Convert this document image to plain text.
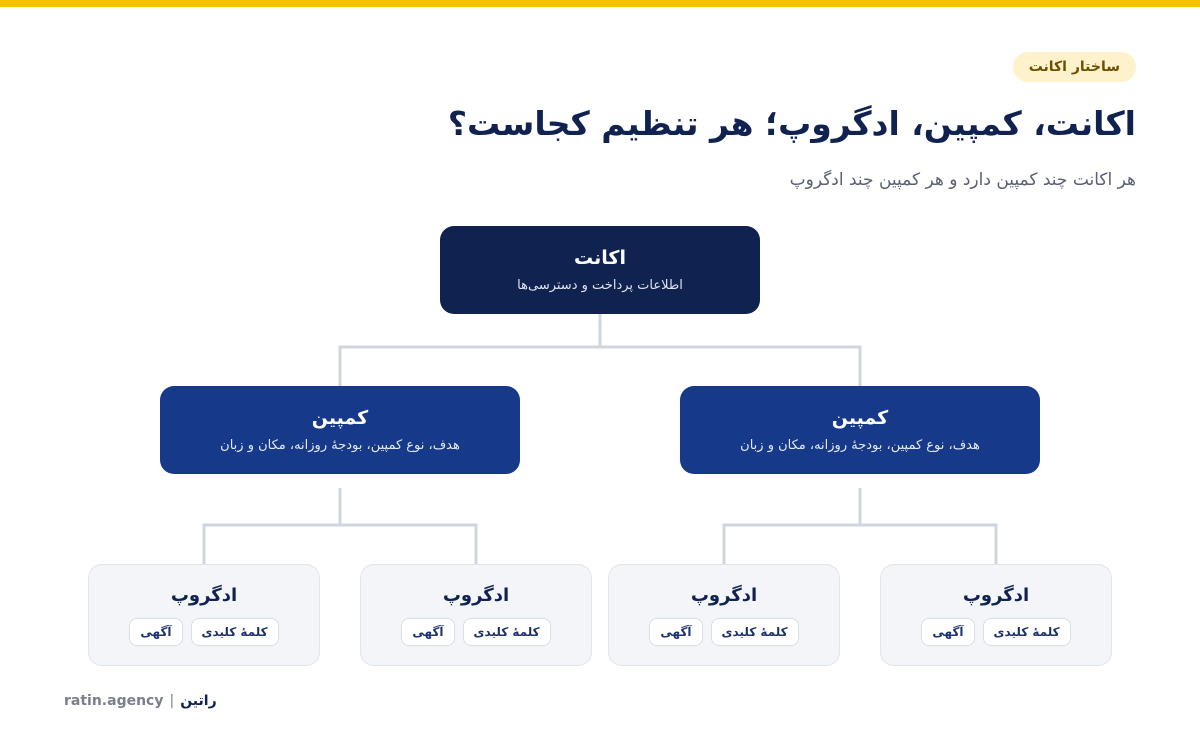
ساختار اکانت
اکانت، کمپین، ادگروپ؛ هر تنظیم کجاست؟

هر اکانت چند کمپین دارد و هر کمپین چند ادگروپ

اکانت
اطلاعات پرداخت و دسترسی‌ها
کمپین
هدف، نوع کمپین، بودجهٔ روزانه، مکان و زبان
کمپین
هدف، نوع کمپین، بودجهٔ روزانه، مکان و زبان
ادگروپ
کلمهٔ کلیدی
آگهی
ادگروپ
کلمهٔ کلیدی
آگهی
ادگروپ
کلمهٔ کلیدی
آگهی
ادگروپ
کلمهٔ کلیدی
آگهی
ratin.agency | راتین
